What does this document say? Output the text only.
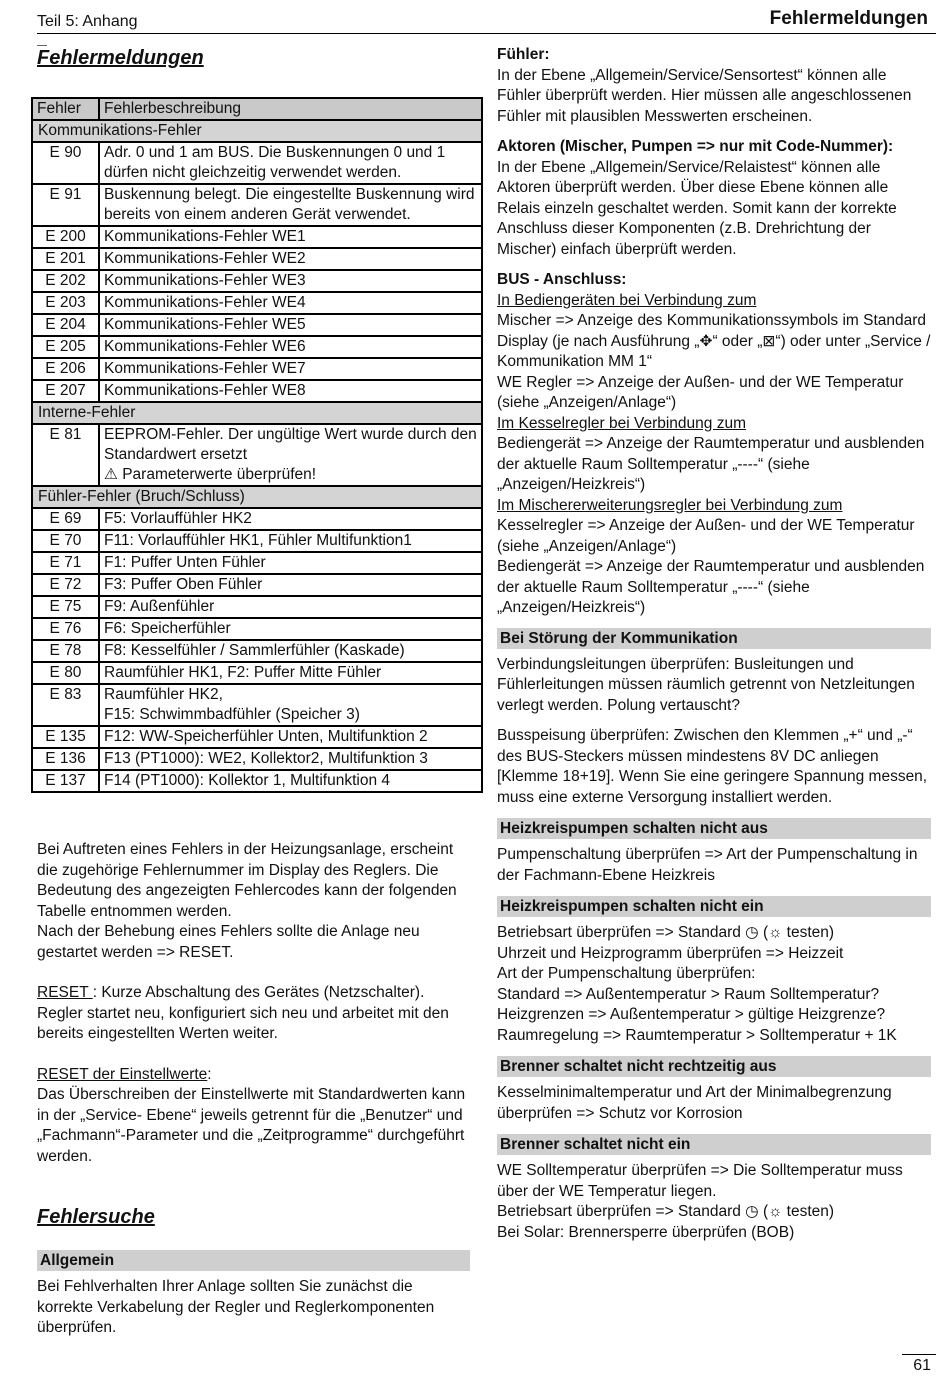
Teil 5: Anhang	Fehlermeldungen
Fehlermeldungen
Fehler	Fehlerbeschreibung
Kommunikations-Fehler	
E 90	Adr. 0 und 1 am BUS. Die Buskennungen 0 und 1 dürfen nicht gleichzeitig verwendet werden.
E 91	Buskennung belegt. Die eingestellte Buskennung wird bereits von einem anderen Gerät verwendet.
E 200	Kommunikations-Fehler WE1
E 201	Kommunikations-Fehler WE2
E 202	Kommunikations-Fehler WE3
E 203	Kommunikations-Fehler WE4
E 204	Kommunikations-Fehler WE5
E 205	Kommunikations-Fehler WE6
E 206	Kommunikations-Fehler WE7
E 207	Kommunikations-Fehler WE8
Interne-Fehler	
E 81	EEPROM-Fehler. Der ungültige Wert wurde durch den Standardwert ersetzt
⚠ Parameterwerte überprüfen!
Fühler-Fehler (Bruch/Schluss)	
E 69	F5: Vorlauffühler HK2
E 70	F11: Vorlauffühler HK1, Fühler Multifunktion1
E 71	F1: Puffer Unten Fühler
E 72	F3: Puffer Oben Fühler
E 75	F9: Außenfühler
E 76	F6: Speicherfühler
E 78	F8: Kesselfühler / Sammlerfühler (Kaskade)
E 80	Raumfühler HK1, F2: Puffer Mitte Fühler
E 83	Raumfühler HK2,
F15: Schwimmbadfühler (Speicher 3)
E 135	F12: WW-Speicherfühler Unten, Multifunktion 2
E 136	F13 (PT1000): WE2, Kollektor2, Multifunktion 3
E 137	F14 (PT1000): Kollektor 1, Multifunktion 4

Bei Auftreten eines Fehlers in der Heizungsanlage, erscheint die zugehörige Fehlernummer im Display des Reglers. Die Bedeutung des angezeigten Fehlercodes kann der folgenden Tabelle entnommen werden.

Nach der Behebung eines Fehlers sollte die Anlage neu gestartet werden => RESET.

RESET : Kurze Abschaltung des Gerätes (Netzschalter). Regler startet neu, konfiguriert sich neu und arbeitet mit den bereits eingestellten Werten weiter.

RESET der Einstellwerte:

Das Überschreiben der Einstellwerte mit Standardwerten kann in der „Service- Ebene“ jeweils getrennt für die „Benutzer“ und „Fachmann“-Parameter und die „Zeitprogramme“ durchgeführt werden.

Fehlersuche
Allgemein

Bei Fehlverhalten Ihrer Anlage sollten Sie zunächst die korrekte Verkabelung der Regler und Reglerkomponenten überprüfen.

Fühler:

In der Ebene „Allgemein/Service/Sensortest“ können alle Fühler überprüft werden. Hier müssen alle angeschlossenen Fühler mit plausiblen Messwerten erscheinen.

Aktoren (Mischer, Pumpen => nur mit Code-Nummer):

In der Ebene „Allgemein/Service/Relaistest“ können alle Aktoren überprüft werden. Über diese Ebene können alle Relais einzeln geschaltet werden. Somit kann der korrekte Anschluss dieser Komponenten (z.B. Drehrichtung der Mischer) einfach überprüft werden.

BUS - Anschluss:

In Bediengeräten bei Verbindung zum

Mischer => Anzeige des Kommunikationssymbols im Standard Display (je nach Ausführung „✥“ oder „⊠“) oder unter „Service / Kommunikation MM 1“

WE Regler => Anzeige der Außen- und der WE Temperatur (siehe „Anzeigen/Anlage“)

Im Kesselregler bei Verbindung zum

Bediengerät => Anzeige der Raumtemperatur und ausblenden der aktuelle Raum Solltemperatur „----“ (siehe „Anzeigen/Heizkreis“)

Im Mischererweiterungsregler bei Verbindung zum

Kesselregler => Anzeige der Außen- und der WE Temperatur (siehe „Anzeigen/Anlage“)

Bediengerät => Anzeige der Raumtemperatur und ausblenden der aktuelle Raum Solltemperatur „----“ (siehe „Anzeigen/Heizkreis“)

Bei Störung der Kommunikation

Verbindungsleitungen überprüfen: Busleitungen und Fühlerleitungen müssen räumlich getrennt von Netzleitungen verlegt werden. Polung vertauscht?

Busspeisung überprüfen: Zwischen den Klemmen „+“ und „-“ des BUS-Steckers müssen mindestens 8V DC anliegen [Klemme 18+19]. Wenn Sie eine geringere Spannung messen, muss eine externe Versorgung installiert werden.

Heizkreispumpen schalten nicht aus

Pumpenschaltung überprüfen => Art der Pumpenschaltung in der Fachmann-Ebene Heizkreis

Heizkreispumpen schalten nicht ein

Betriebsart überprüfen => Standard ◷ (☼ testen)

Uhrzeit und Heizprogramm überprüfen => Heizzeit

Art der Pumpenschaltung überprüfen:

Standard => Außentemperatur > Raum Solltemperatur?

Heizgrenzen => Außentemperatur > gültige Heizgrenze?

Raumregelung => Raumtemperatur > Solltemperatur + 1K

Brenner schaltet nicht rechtzeitig aus

Kesselminimaltemperatur und Art der Minimalbegrenzung überprüfen => Schutz vor Korrosion

Brenner schaltet nicht ein

WE Solltemperatur überprüfen => Die Solltemperatur muss über der WE Temperatur liegen.

Betriebsart überprüfen => Standard ◷ (☼ testen)

Bei Solar: Brennersperre überprüfen (BOB)

61
